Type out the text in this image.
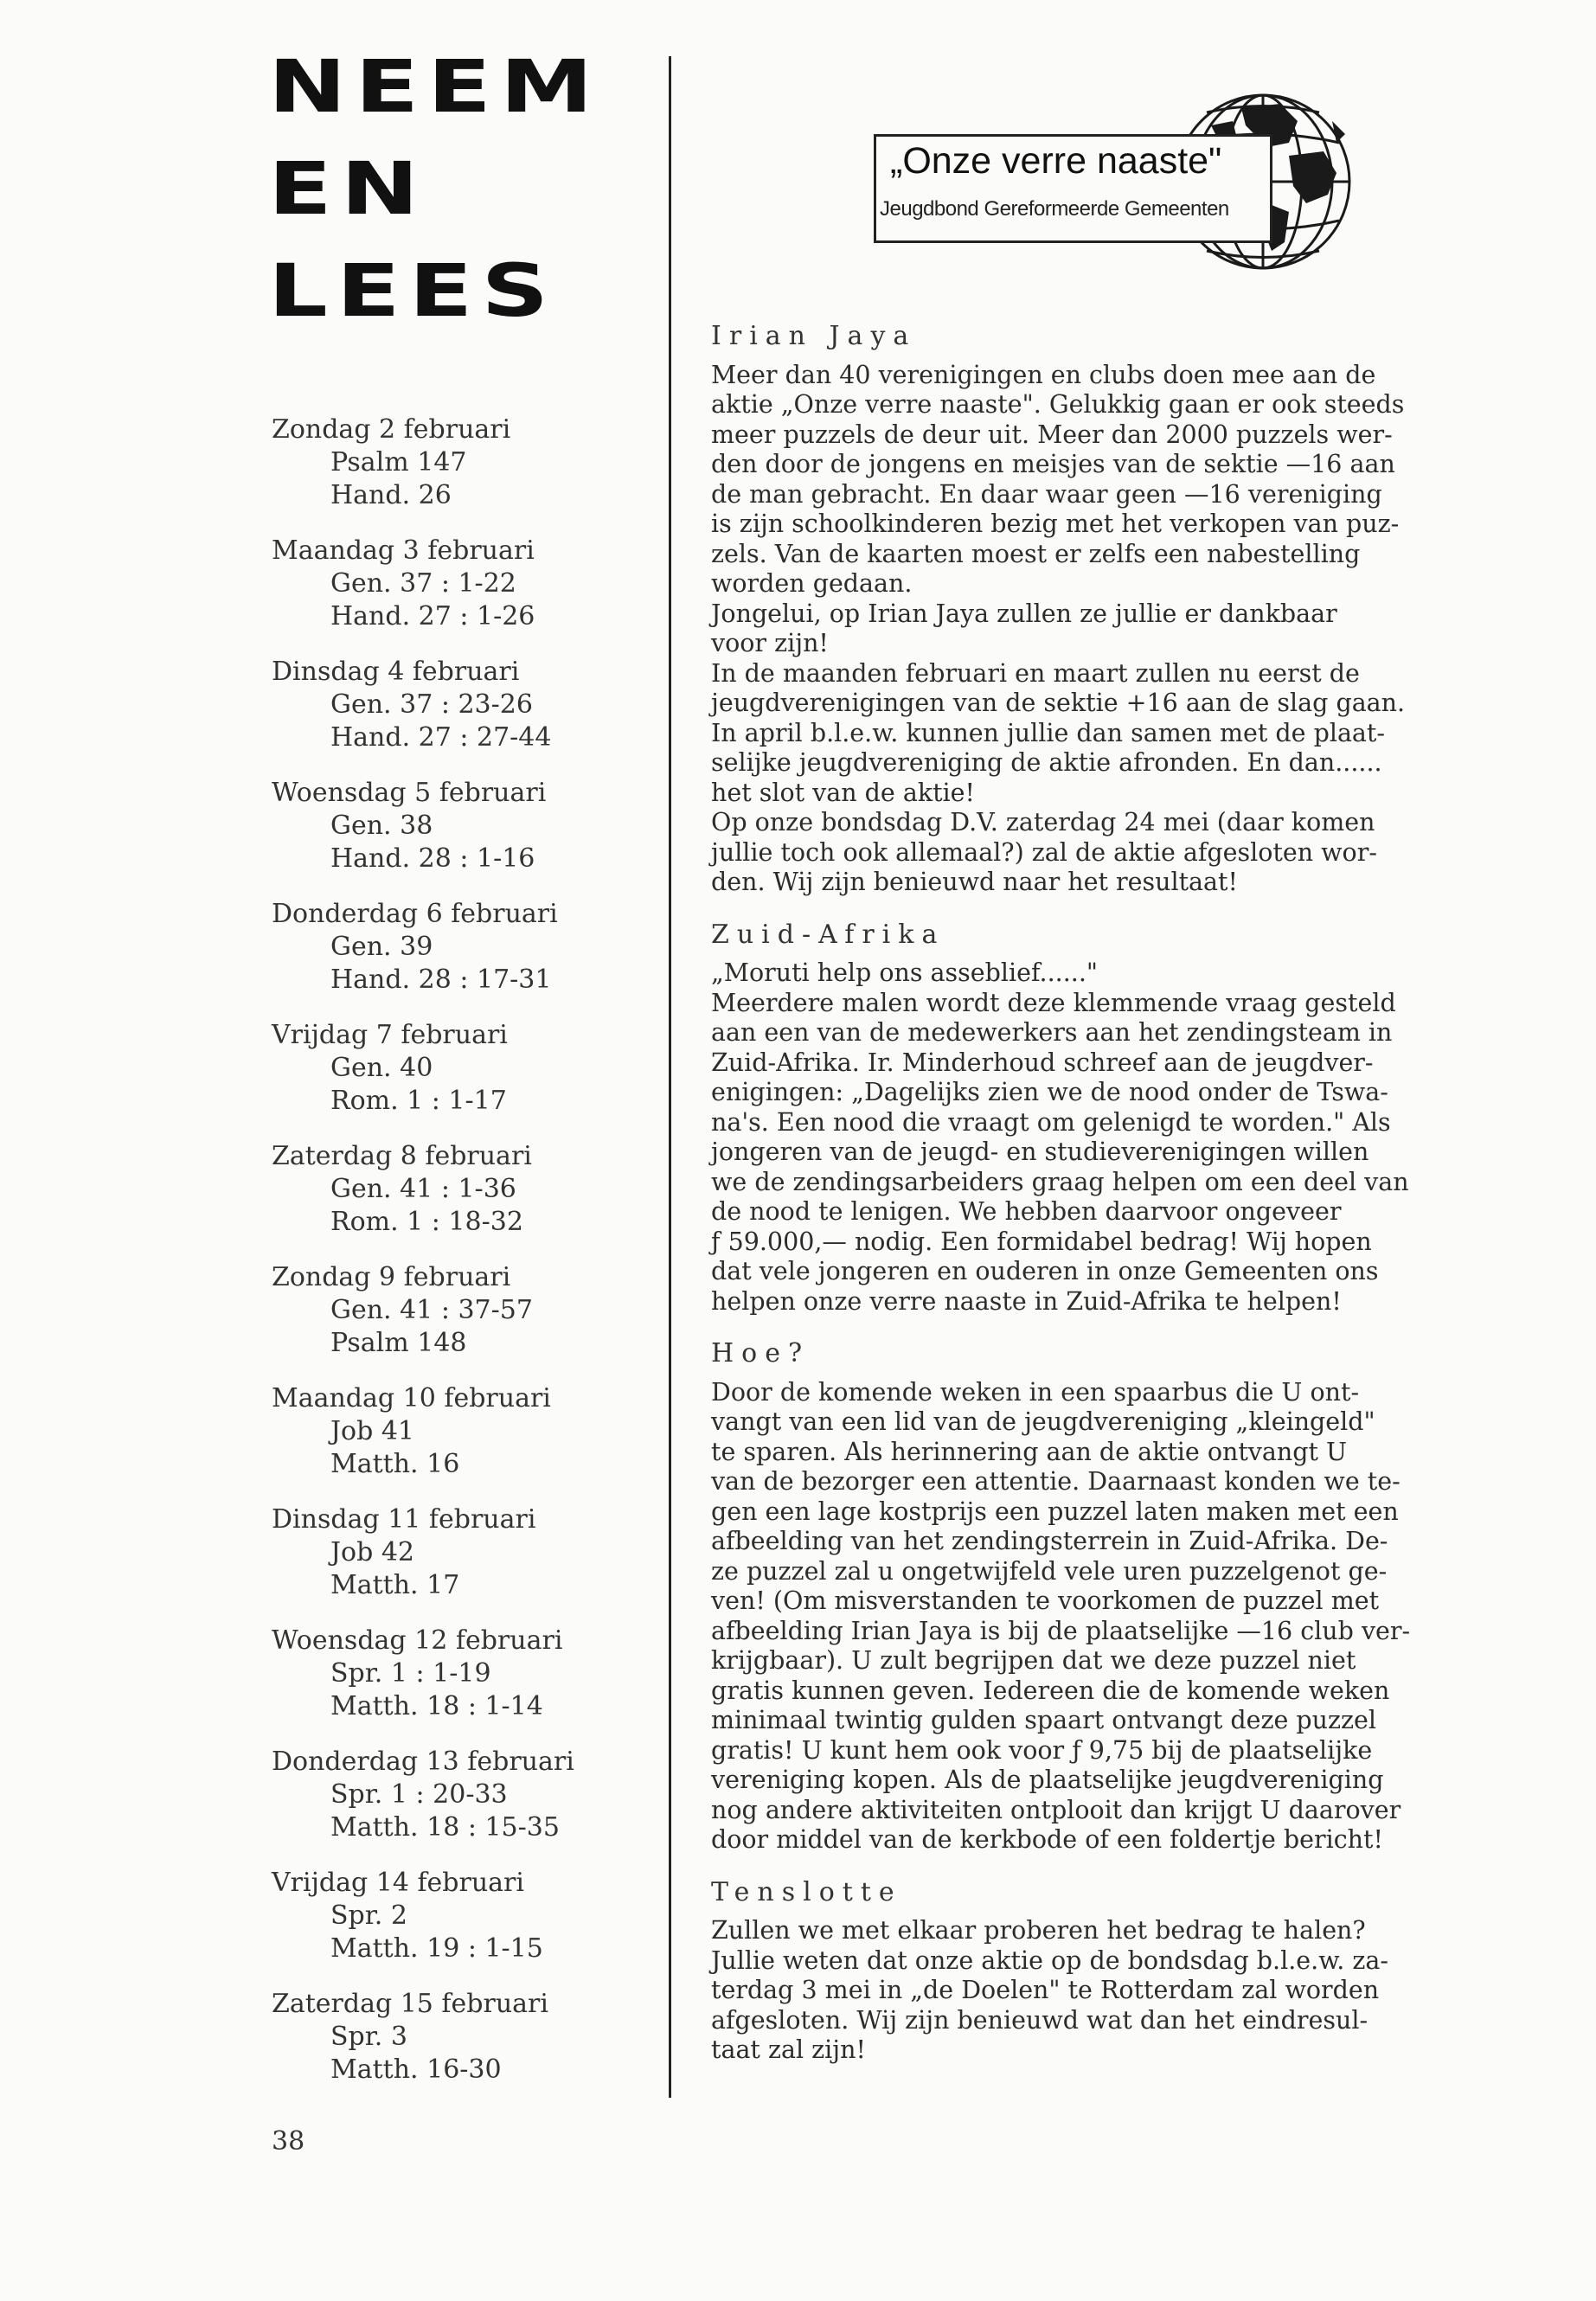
NEEM
EN
LEES
Zondag 2 februari
Psalm 147
Hand. 26
Maandag 3 februari
Gen. 37 : 1-22
Hand. 27 : 1-26
Dinsdag 4 februari
Gen. 37 : 23-26
Hand. 27 : 27-44
Woensdag 5 februari
Gen. 38
Hand. 28 : 1-16
Donderdag 6 februari
Gen. 39
Hand. 28 : 17-31
Vrijdag 7 februari
Gen. 40
Rom. 1 : 1-17
Zaterdag 8 februari
Gen. 41 : 1-36
Rom. 1 : 18-32
Zondag 9 februari
Gen. 41 : 37-57
Psalm 148
Maandag 10 februari
Job 41
Matth. 16
Dinsdag 11 februari
Job 42
Matth. 17
Woensdag 12 februari
Spr. 1 : 1-19
Matth. 18 : 1-14
Donderdag 13 februari
Spr. 1 : 20-33
Matth. 18 : 15-35
Vrijdag 14 februari
Spr. 2
Matth. 19 : 1-15
Zaterdag 15 februari
Spr. 3
Matth. 16-30
38
„Onze verre naaste"
Jeugdbond Gereformeerde Gemeenten
Irian Jaya
Meer dan 40 verenigingen en clubs doen mee aan de
aktie „Onze verre naaste". Gelukkig gaan er ook steeds
meer puzzels de deur uit. Meer dan 2000 puzzels wer-
den door de jongens en meisjes van de sektie —16 aan
de man gebracht. En daar waar geen —16 vereniging
is zijn schoolkinderen bezig met het verkopen van puz-
zels. Van de kaarten moest er zelfs een nabestelling
worden gedaan.
Jongelui, op Irian Jaya zullen ze jullie er dankbaar
voor zijn!
In de maanden februari en maart zullen nu eerst de
jeugdverenigingen van de sektie +16 aan de slag gaan.
In april b.l.e.w. kunnen jullie dan samen met de plaat-
selijke jeugdvereniging de aktie afronden. En dan......
het slot van de aktie!
Op onze bondsdag D.V. zaterdag 24 mei (daar komen
jullie toch ook allemaal?) zal de aktie afgesloten wor-
den. Wij zijn benieuwd naar het resultaat!
Zuid-Afrika
„Moruti help ons asseblief......"
Meerdere malen wordt deze klemmende vraag gesteld
aan een van de medewerkers aan het zendingsteam in
Zuid-Afrika. Ir. Minderhoud schreef aan de jeugdver-
enigingen: „Dagelijks zien we de nood onder de Tswa-
na's. Een nood die vraagt om gelenigd te worden." Als
jongeren van de jeugd- en studieverenigingen willen
we de zendingsarbeiders graag helpen om een deel van
de nood te lenigen. We hebben daarvoor ongeveer
ƒ 59.000,— nodig. Een formidabel bedrag! Wij hopen
dat vele jongeren en ouderen in onze Gemeenten ons
helpen onze verre naaste in Zuid-Afrika te helpen!
Hoe?
Door de komende weken in een spaarbus die U ont-
vangt van een lid van de jeugdvereniging „kleingeld"
te sparen. Als herinnering aan de aktie ontvangt U
van de bezorger een attentie. Daarnaast konden we te-
gen een lage kostprijs een puzzel laten maken met een
afbeelding van het zendingsterrein in Zuid-Afrika. De-
ze puzzel zal u ongetwijfeld vele uren puzzelgenot ge-
ven! (Om misverstanden te voorkomen de puzzel met
afbeelding Irian Jaya is bij de plaatselijke —16 club ver-
krijgbaar). U zult begrijpen dat we deze puzzel niet
gratis kunnen geven. Iedereen die de komende weken
minimaal twintig gulden spaart ontvangt deze puzzel
gratis! U kunt hem ook voor ƒ 9,75 bij de plaatselijke
vereniging kopen. Als de plaatselijke jeugdvereniging
nog andere aktiviteiten ontplooit dan krijgt U daarover
door middel van de kerkbode of een foldertje bericht!
Tenslotte
Zullen we met elkaar proberen het bedrag te halen?
Jullie weten dat onze aktie op de bondsdag b.l.e.w. za-
terdag 3 mei in „de Doelen" te Rotterdam zal worden
afgesloten. Wij zijn benieuwd wat dan het eindresul-
taat zal zijn!
